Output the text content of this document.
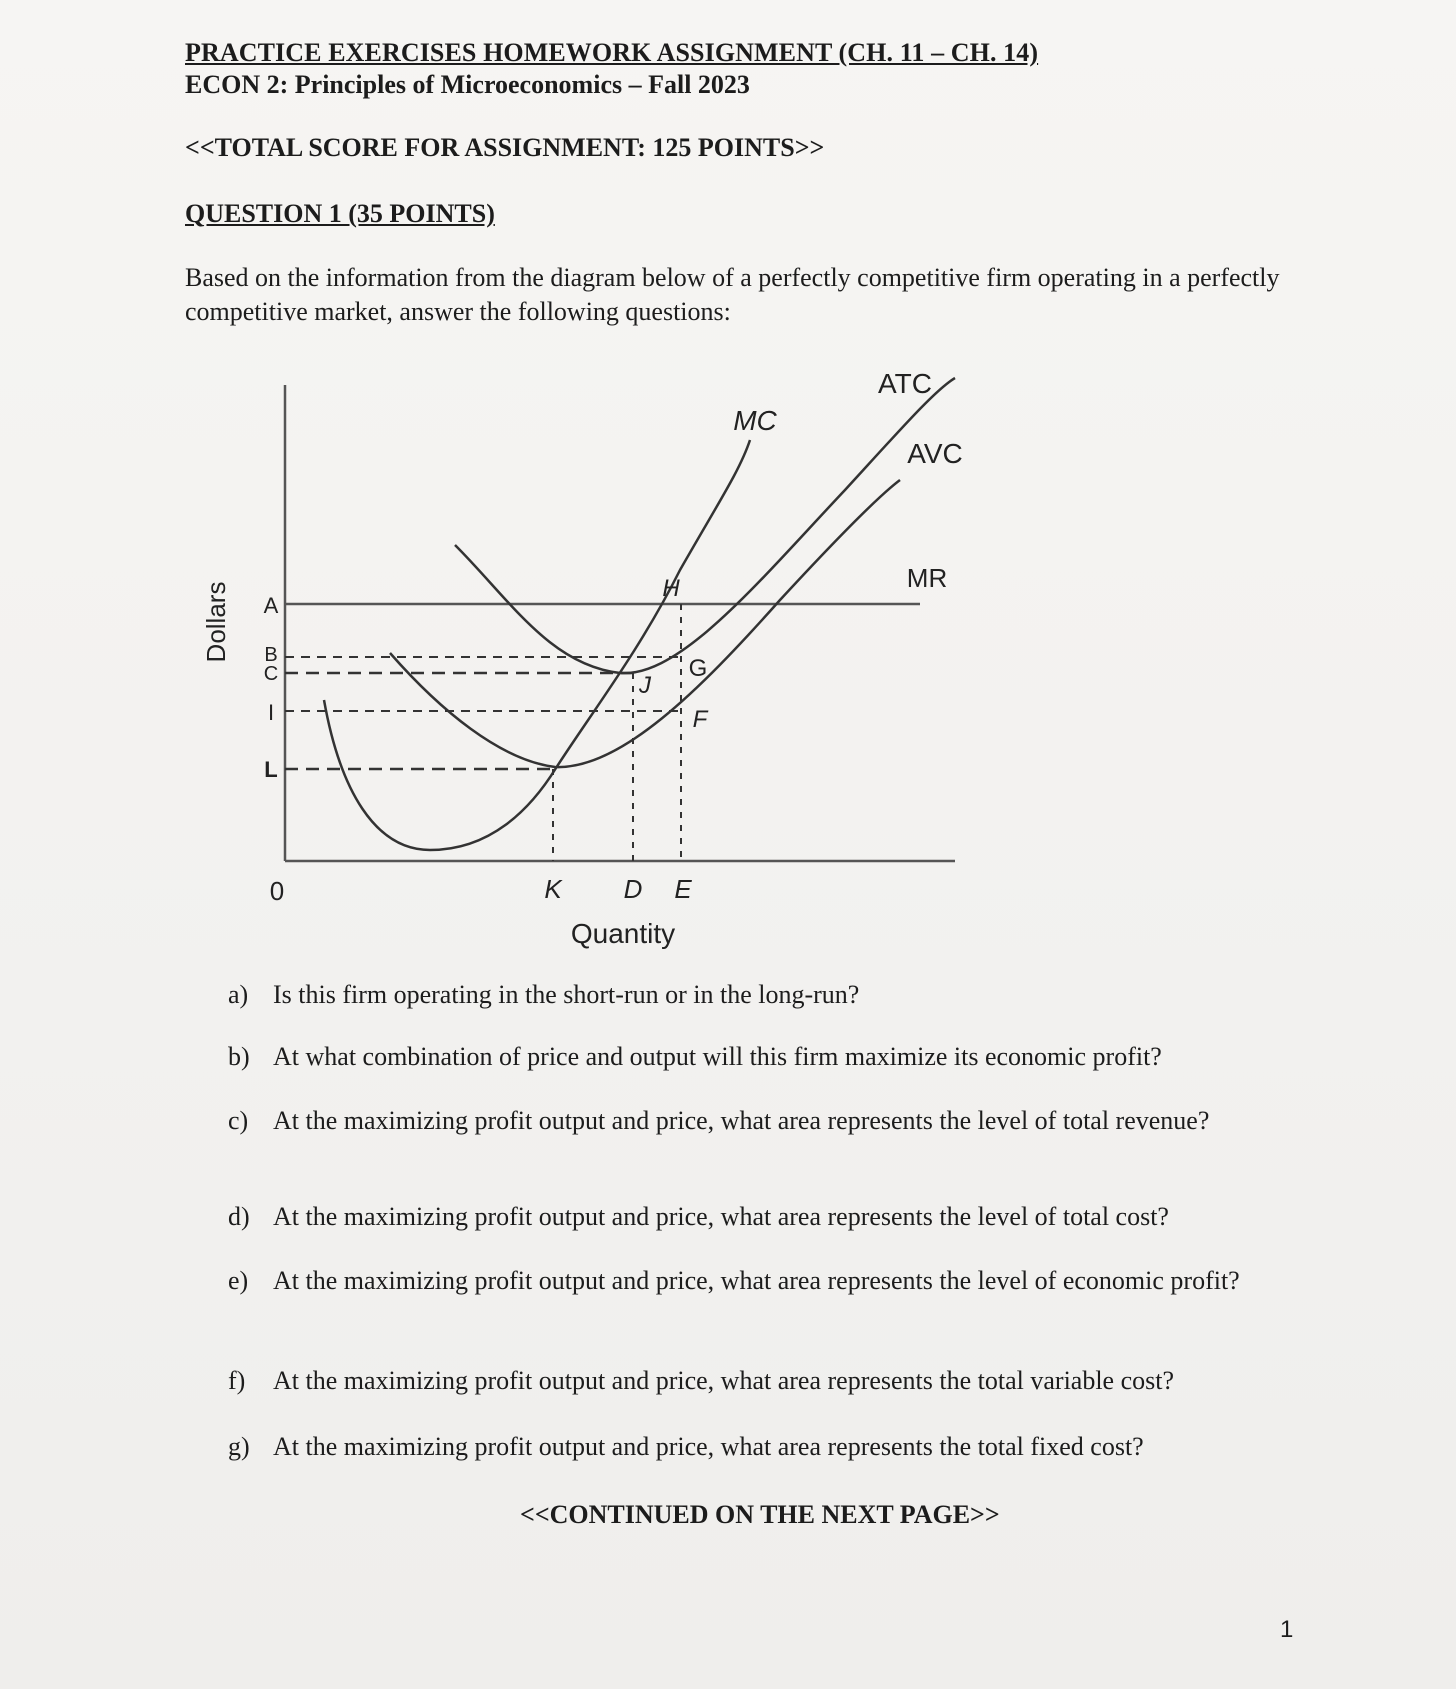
PRACTICE EXERCISES HOMEWORK ASSIGNMENT (CH. 11 – CH. 14)
ECON 2: Principles of Microeconomics – Fall 2023
<<TOTAL SCORE FOR ASSIGNMENT: 125 POINTS>>
QUESTION 1 (35 POINTS)
Based on the information from the diagram below of a perfectly competitive firm operating in a perfectly competitive market, answer the following questions:
Dollars
Quantity
0
A
B
C
I
L
K D E
MC
ATC
AVC
MR
H
G
J
F
a) Is this firm operating in the short-run or in the long-run?
b) At what combination of price and output will this firm maximize its economic profit?
c) At the maximizing profit output and price, what area represents the level of total revenue?
d) At the maximizing profit output and price, what area represents the level of total cost?
e) At the maximizing profit output and price, what area represents the level of economic profit?
f)	At the maximizing profit output and price, what area represents the total variable cost?
g) At the maximizing profit output and price, what area represents the total fixed cost?
<<CONTINUED ON THE NEXT PAGE>>
1
